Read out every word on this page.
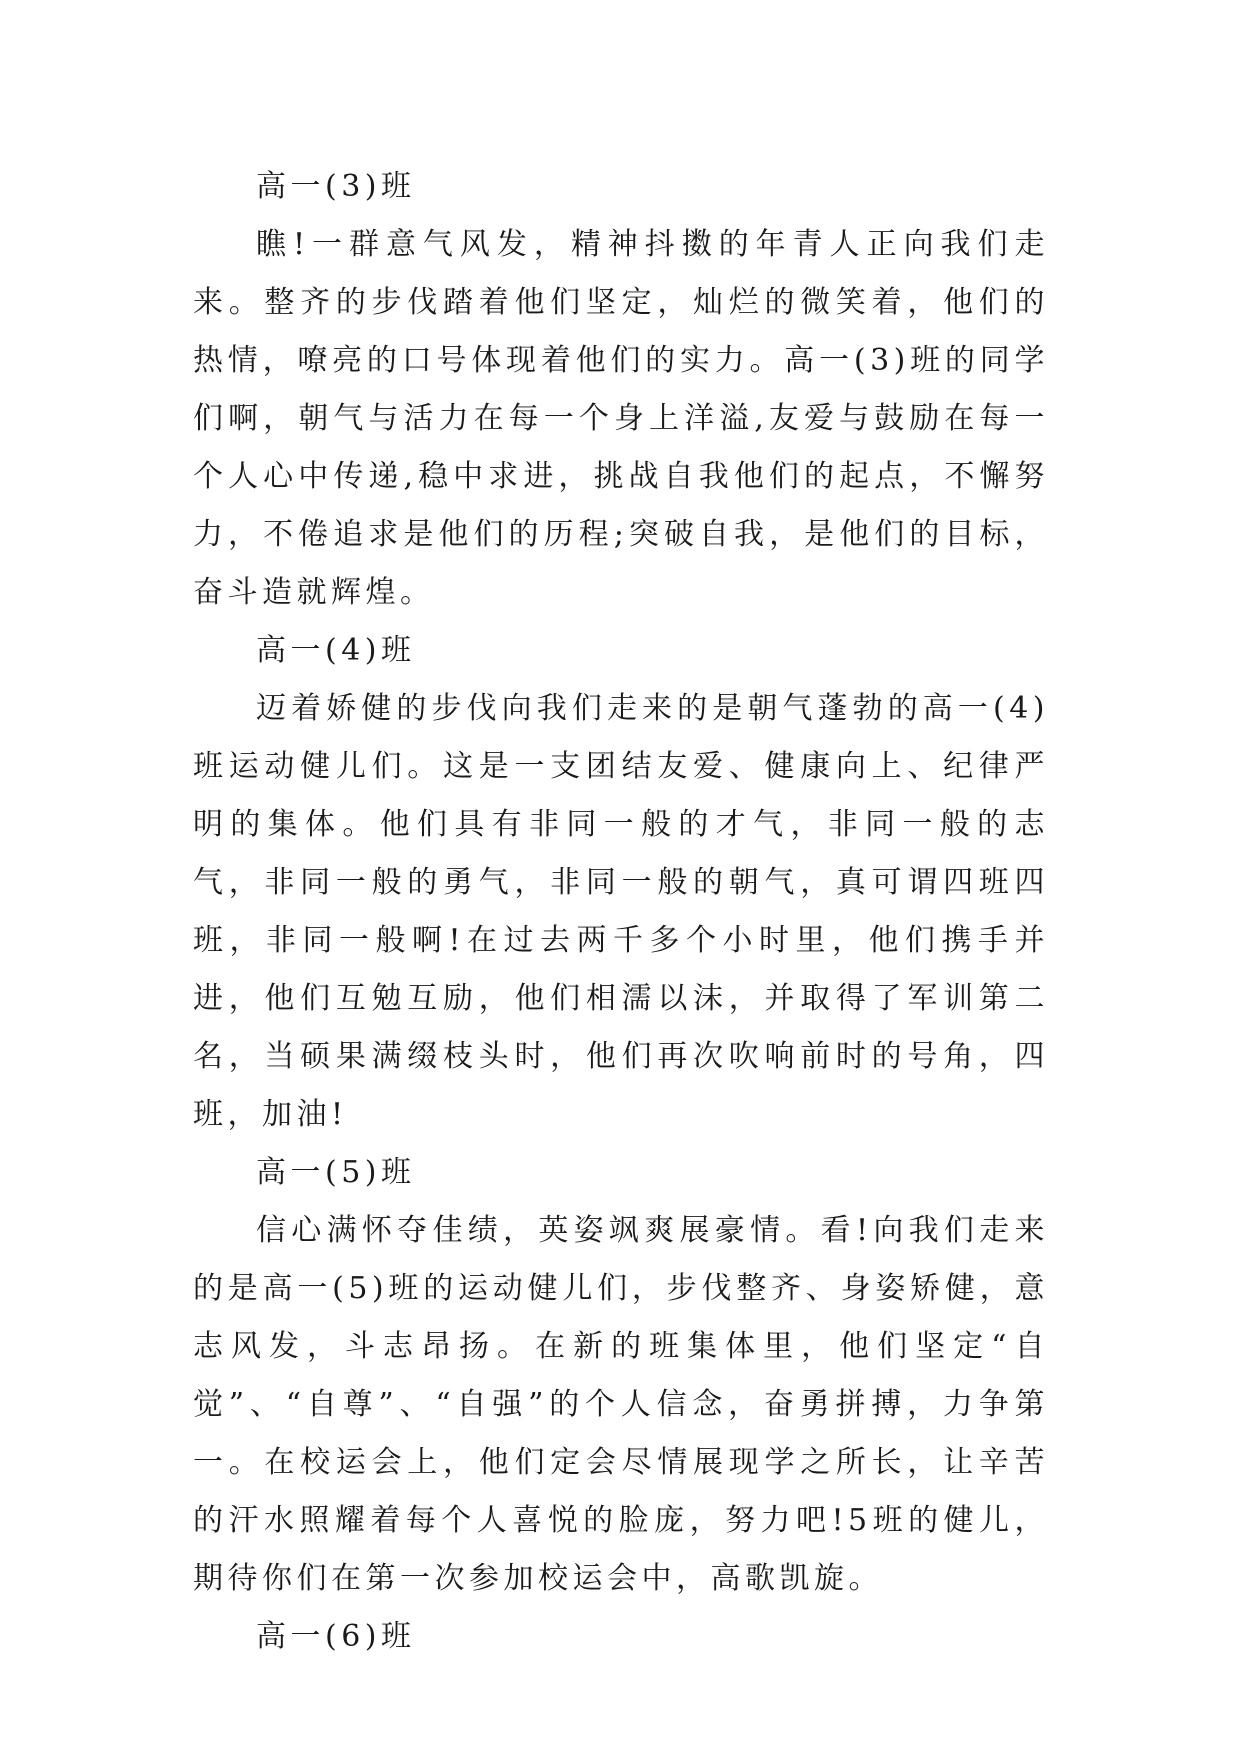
高一(3)班

瞧!一群意气风发，精神抖擞的年青人正向我们走来。整齐的步伐踏着他们坚定，灿烂的微笑着，他们的热情，嘹亮的口号体现着他们的实力。高一(3)班的同学们啊，朝气与活力在每一个身上洋溢,友爱与鼓励在每一个人心中传递,稳中求进，挑战自我他们的起点，不懈努力，不倦追求是他们的历程;突破自我，是他们的目标，奋斗造就辉煌。

高一(4)班

迈着娇健的步伐向我们走来的是朝气蓬勃的高一(4)班运动健儿们。这是一支团结友爱、健康向上、纪律严明的集体。他们具有非同一般的才气，非同一般的志气，非同一般的勇气，非同一般的朝气，真可谓四班四班，非同一般啊!在过去两千多个小时里，他们携手并进，他们互勉互励，他们相濡以沫，并取得了军训第二名，当硕果满缀枝头时，他们再次吹响前时的号角，四班，加油!

高一(5)班

信心满怀夺佳绩，英姿飒爽展豪情。看!向我们走来的是高一(5)班的运动健儿们，步伐整齐、身姿矫健，意志风发，斗志昂扬。在新的班集体里，他们坚定“自觉”、“自尊”、“自强”的个人信念，奋勇拼搏，力争第一。在校运会上，他们定会尽情展现学之所长，让辛苦的汗水照耀着每个人喜悦的脸庞，努力吧!5班的健儿，期待你们在第一次参加校运会中，高歌凯旋。

高一(6)班
